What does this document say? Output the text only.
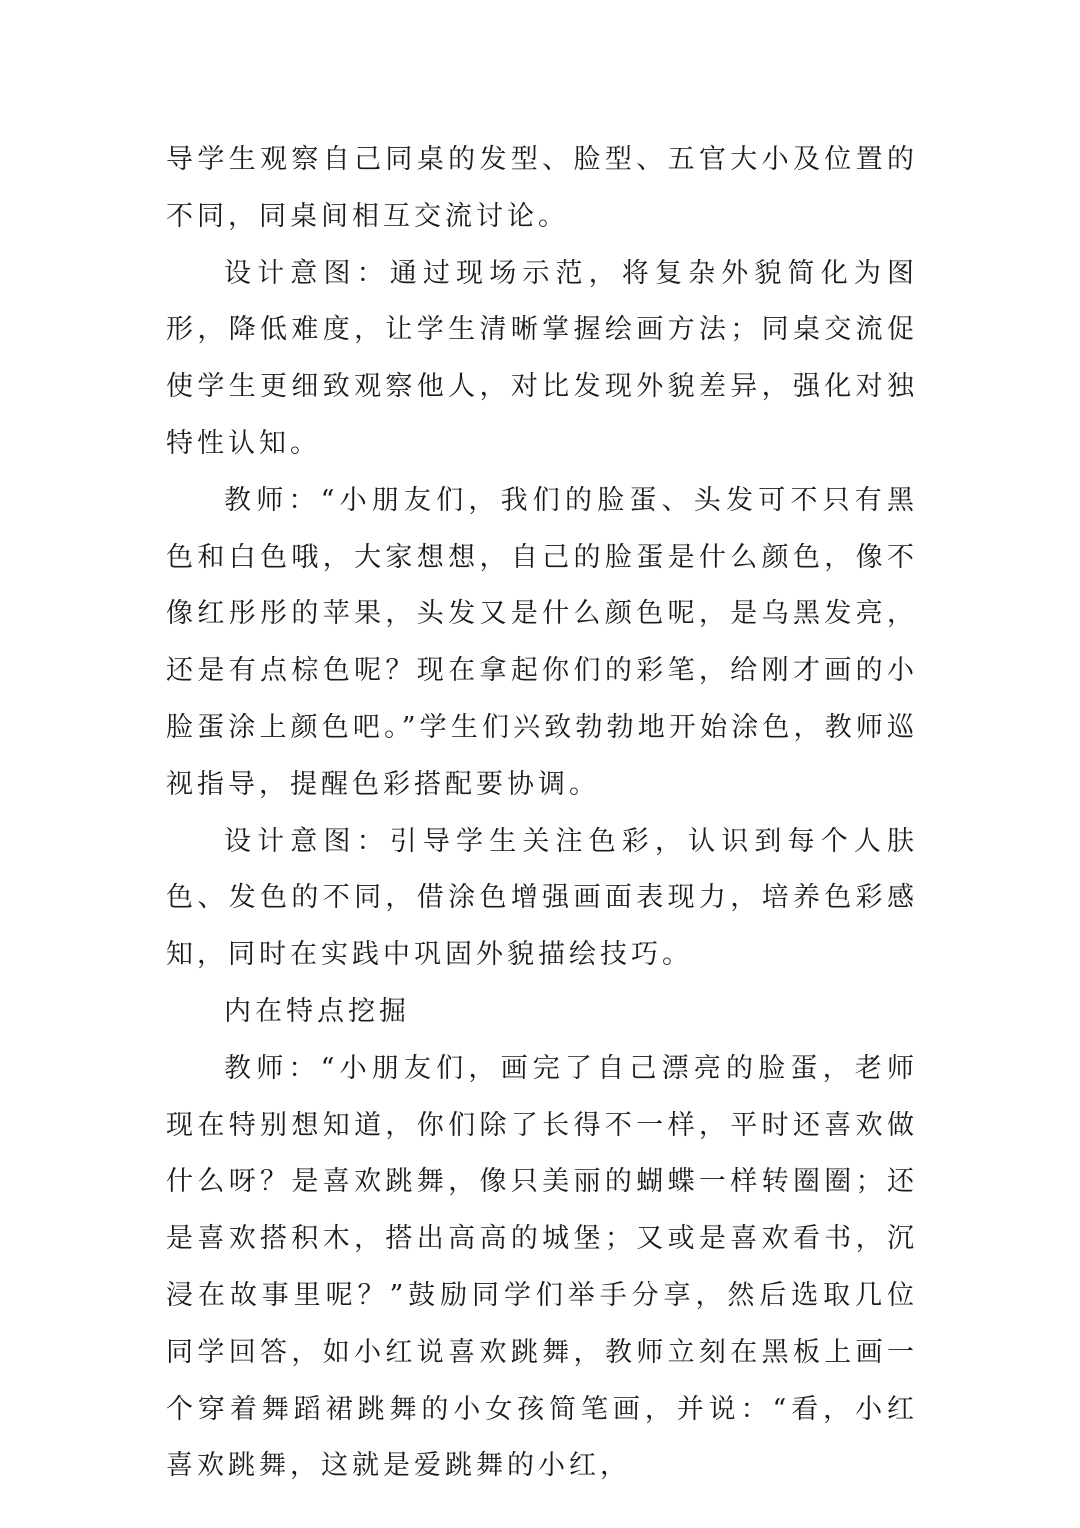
导学生观察自己同桌的发型、脸型、五官大小及位置的不同，同桌间相互交流讨论。

设计意图：通过现场示范，将复杂外貌简化为图形，降低难度，让学生清晰掌握绘画方法；同桌交流促使学生更细致观察他人，对比发现外貌差异，强化对独特性认知。

教师：“小朋友们，我们的脸蛋、头发可不只有黑色和白色哦，大家想想，自己的脸蛋是什么颜色，像不像红彤彤的苹果，头发又是什么颜色呢，是乌黑发亮，还是有点棕色呢？现在拿起你们的彩笔，给刚才画的小脸蛋涂上颜色吧。”学生们兴致勃勃地开始涂色，教师巡视指导，提醒色彩搭配要协调。

设计意图：引导学生关注色彩，认识到每个人肤色、发色的不同，借涂色增强画面表现力，培养色彩感知，同时在实践中巩固外貌描绘技巧。

内在特点挖掘

教师：“小朋友们，画完了自己漂亮的脸蛋，老师现在特别想知道，你们除了长得不一样，平时还喜欢做什么呀？是喜欢跳舞，像只美丽的蝴蝶一样转圈圈；还是喜欢搭积木，搭出高高的城堡；又或是喜欢看书，沉浸在故事里呢？”鼓励同学们举手分享，然后选取几位同学回答，如小红说喜欢跳舞，教师立刻在黑板上画一个穿着舞蹈裙跳舞的小女孩简笔画，并说：“看，小红喜欢跳舞，这就是爱跳舞的小红，
